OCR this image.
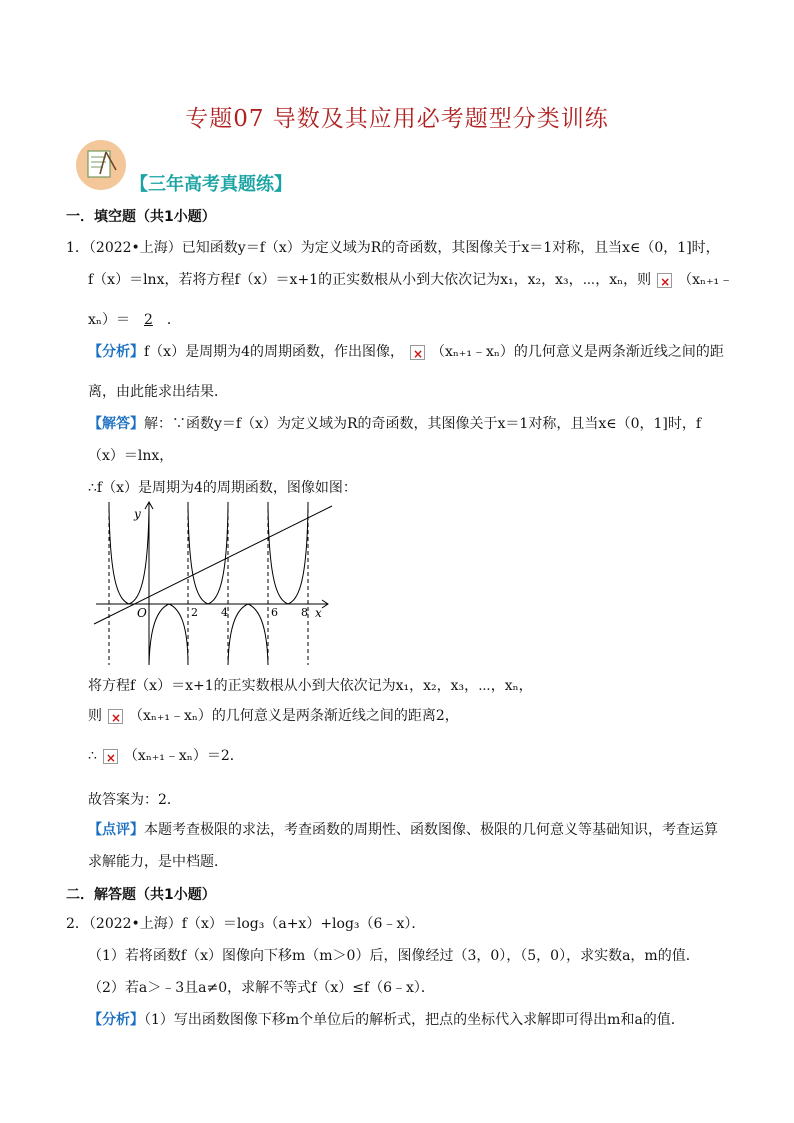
专题07 导数及其应用必考题型分类训练
【三年高考真题练】
一．填空题（共1小题）
1．（2022•上海）已知函数y＝f（x）为定义域为R的奇函数，其图像关于x＝1对称，且当x∈（0，1]时，
f（x）＝lnx，若将方程f（x）＝x+1的正实数根从小到大依次记为x₁，x₂，x₃，⋯，xₙ，则 × （xₙ₊₁﹣
xₙ）＝ 2 ．
【分析】f（x）是周期为4的周期函数，作出图像， × （xₙ₊₁﹣xₙ）的几何意义是两条渐近线之间的距
离，由此能求出结果．
【解答】解：∵函数y＝f（x）为定义域为R的奇函数，其图像关于x＝1对称，且当x∈（0，1]时，f
（x）＝lnx，
∴f（x）是周期为4的周期函数，图像如图：
y
x
O	2 4	6 8
将方程f（x）＝x+1的正实数根从小到大依次记为x₁，x₂，x₃，⋯，xₙ，
则 × （xₙ₊₁﹣xₙ）的几何意义是两条渐近线之间的距离2，
∴ × （xₙ₊₁﹣xₙ）＝2．
故答案为：2．
【点评】本题考查极限的求法，考查函数的周期性、函数图像、极限的几何意义等基础知识，考查运算
求解能力，是中档题．
二．解答题（共1小题）
2．（2022•上海）f（x）＝log₃（a+x）+log₃（6﹣x）．
（1）若将函数f（x）图像向下移m（m＞0）后，图像经过（3，0），（5，0），求实数a，m的值．
（2）若a＞﹣3且a≠0，求解不等式f（x）≤f（6﹣x）．
【分析】（1）写出函数图像下移m个单位后的解析式，把点的坐标代入求解即可得出m和a的值．
